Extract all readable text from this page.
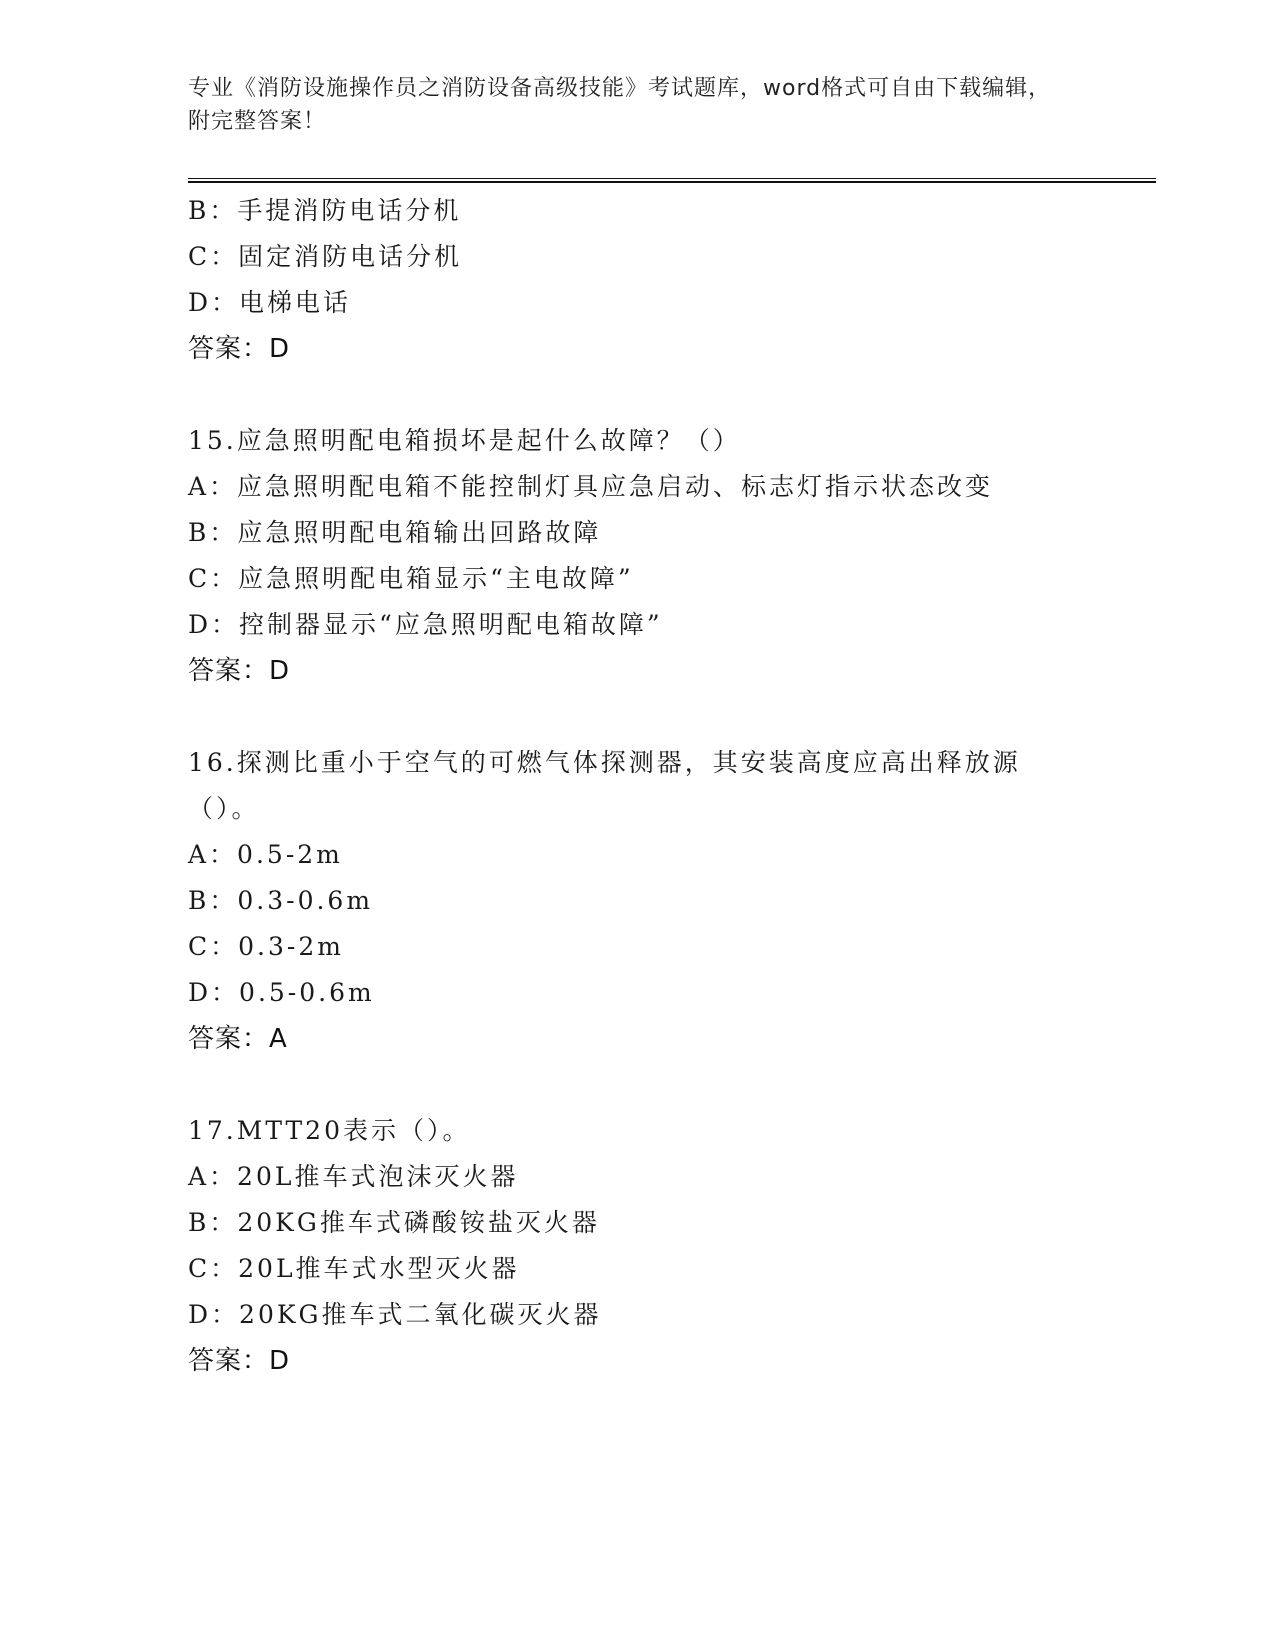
专业《消防设施操作员之消防设备高级技能》考试题库，word格式可自由下载编辑，附完整答案！
B：手提消防电话分机
C：固定消防电话分机
D：电梯电话
答案：D
15.应急照明配电箱损坏是起什么故障？（）
A：应急照明配电箱不能控制灯具应急启动、标志灯指示状态改变
B：应急照明配电箱输出回路故障
C：应急照明配电箱显示“主电故障”
D：控制器显示“应急照明配电箱故障”
答案：D
16.探测比重小于空气的可燃气体探测器，其安装高度应高出释放源（）。
A：0.5-2m
B：0.3-0.6m
C：0.3-2m
D：0.5-0.6m
答案：A
17.MTT20表示（）。
A：20L推车式泡沫灭火器
B：20KG推车式磷酸铵盐灭火器
C：20L推车式水型灭火器
D：20KG推车式二氧化碳灭火器
答案：D
